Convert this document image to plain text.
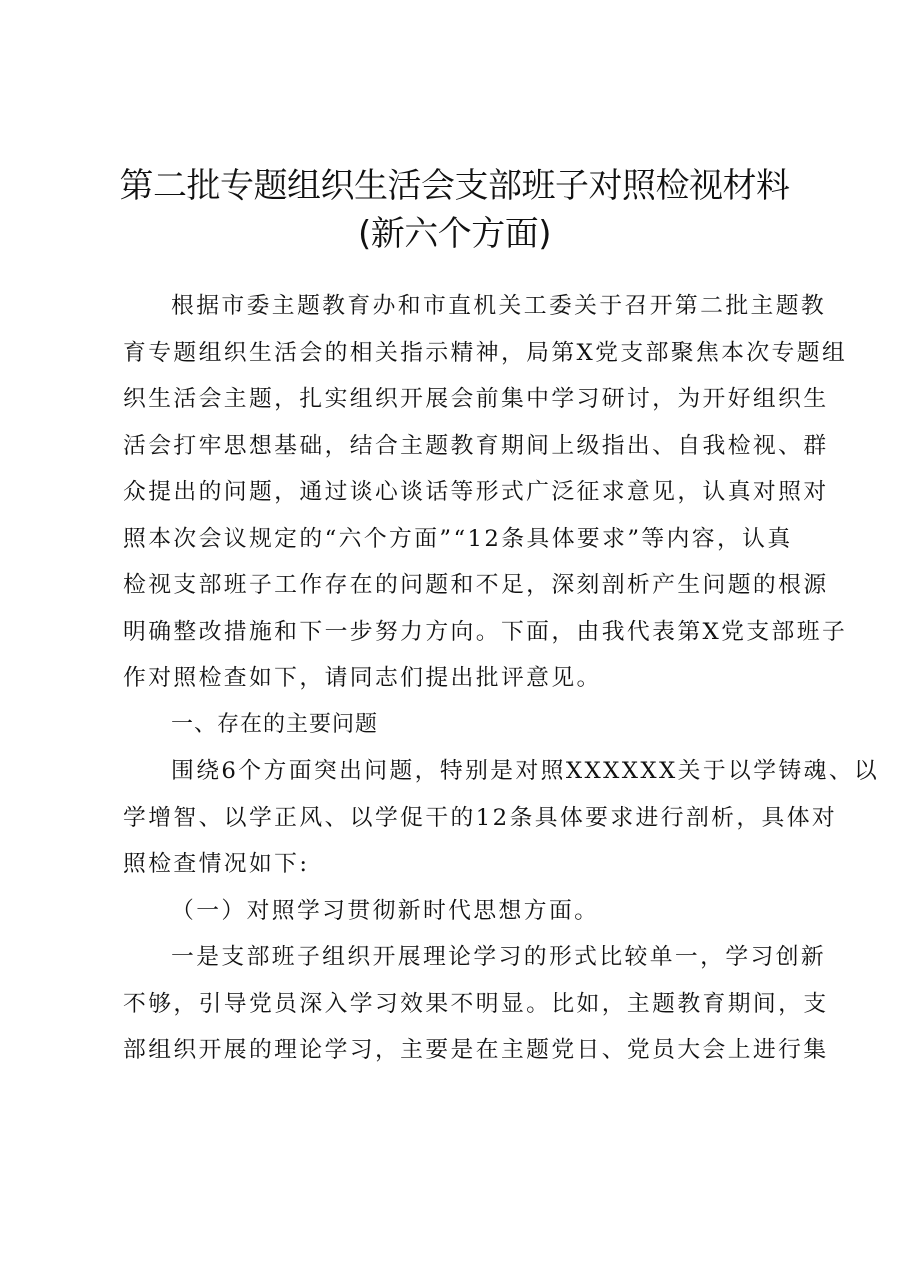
第二批专题组织生活会支部班子对照检视材料
(新六个方面)
根据市委主题教育办和市直机关工委关于召开第二批主题教
育专题组织生活会的相关指示精神，局第X党支部聚焦本次专题组
织生活会主题，扎实组织开展会前集中学习研讨，为开好组织生
活会打牢思想基础，结合主题教育期间上级指出、自我检视、群
众提出的问题，通过谈心谈话等形式广泛征求意见，认真对照对
照本次会议规定的“六个方面”“12条具体要求”等内容，认真
检视支部班子工作存在的问题和不足，深刻剖析产生问题的根源
明确整改措施和下一步努力方向。下面，由我代表第X党支部班子
作对照检查如下，请同志们提出批评意见。
一、存在的主要问题
围绕6个方面突出问题，特别是对照XXXXXX关于以学铸魂、以
学增智、以学正风、以学促干的12条具体要求进行剖析，具体对
照检查情况如下:
（一）对照学习贯彻新时代思想方面。
一是支部班子组织开展理论学习的形式比较单一，学习创新
不够，引导党员深入学习效果不明显。比如，主题教育期间，支
部组织开展的理论学习，主要是在主题党日、党员大会上进行集
